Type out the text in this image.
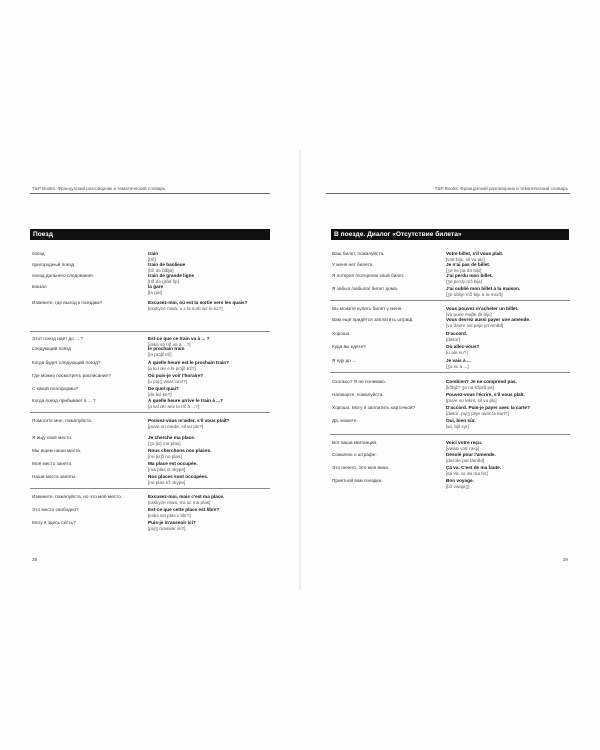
T&P Books. Французский разговорник и тематический словарь
Поезд
поезд	train
[trɛ̃]
пригородный поезд	train de banlieue
[trɛ̃ də bɑ̃ljø]
поезд дальнего следования	train de grande ligne
[trɛ̃ də grɑ̃d liɲ]
вокзал	la gare
[la gar]
Извините, где выход к поездам?	Excusez-moi, où est la sortie vers les quais?
[ɛkskyze mwa, u ɛ la sɔrti vɛr le kɛ?]
Этот поезд идёт до ... ?	Est-ce que ce train va à ... ?
[ɛskə sə trɛ̃ va a ...?]
следующий поезд	le prochain train
[lə prɔʃɛ̃ trɛ̃]
Когда будет следующий поезд?	À quelle heure est le prochain train?
[a kɛl œr ɛ lə prɔʃɛ̃ trɛ̃?]
Где можно посмотреть расписание?	Où puis-je voir l'horaire?
[u pɥiʒ vwar lɔrɛr?]
С какой платформы?	De quel quai?
[də kɛl ke?]
Когда поезд прибывает в ... ?	À quelle heure arrive le train à ...?
[a kɛl œr ariv lə trɛ̃ a ...?]
Помогите мне, пожалуйста.	Pouvez-vous m'aider, s'il vous plaît?
[puve vu mede, sil vu plɛ?]
Я ищу своё место.	Je cherche ma place.
[ʒə ʃɛrʃ ma plas]
Мы ищем наши места.	Nous cherchons nos places.
[nu ʃɛrʃɔ̃ no plas]
Моё место занято.	Ma place est occupée.
[ma plas ɛt ɔkype]
Наши места заняты.	Nos places sont occupées.
[no plas sɔ̃ ɔkype]
Извините, пожалуйста, но это моё место.	Excusez-moi, mais c'est ma place.
[ɛkskyze mwa, mɛ sɛ ma plas]
Это место свободно?	Est-ce que cette place est libre?
[ɛskə sɛt plas ɛ libr?]
Могу я здесь сесть?	Puis-je m'asseoir ici?
[pɥiʒ maswar isi?]
28
T&P Books. Французский разговорник и тематический словарь
В поезде. Диалог «Отсутствие билета»
Ваш билет, пожалуйста.	Votre billet, s'il vous plaît.
[vɔtr bijɛ, sil vu plɛ]
У меня нет билета.	Je n'ai pas de billet.
[ʒə ne pa də bijɛ]
Я потерял /потеряла/ свой билет.	J'ai perdu mon billet.
[ʒe pɛrdy mɔ̃ bijɛ]
Я забыл /забыла/ билет дома.	J'ai oublié mon billet à la maison.
[ʒe ublije mɔ̃ bijɛ a la mɛzɔ̃]
Вы можете купить билет у меня.	Vous pouvez m'acheter un billet.
[vu puve maʃte œ̃ bijɛ]
Вам ещё придётся заплатить штраф.	Vous devrez aussi payer une amende.
[vu dəvre osi peje yn amɑ̃d]
Хорошо.	D'accord.
[dakɔr]
Куда вы едете?	Où allez-vous?
[u ale vu?]
Я еду до ...	Je vais à ...
[ʒə vɛ a ...]
Сколько? Я не понимаю.	Combien? Je ne comprend pas.
[kɔ̃bjɛ̃? ʒə nə kɔ̃prɑ̃ pa]
Напишите, пожалуйста.	Pouvez-vous l'écrire, s'il vous plaît.
[puve vu lekrir, sil vu plɛ]
Хорошо. Могу я заплатить карточкой?	D'accord. Puis-je payer avec la carte?
[dakɔr. pɥiʒ peje avɛk la kart?]
Да, можете.	Oui, bien sûr.
[wi, bjɛ̃ syr]
Вот ваша квитанция.	Voici votre reçu.
[vwasi vɔtr rəsy]
Сожалею о штрафе.	Désolé pour l'amende.
[dezɔle pur lamɑ̃d]
Это ничего. Это моя вина.	Ça va. C'est de ma faute.
[sa va. sɛ də ma fot]
Приятной вам поездки.	Bon voyage.
[bɔ̃ vwajaʒ]
29
